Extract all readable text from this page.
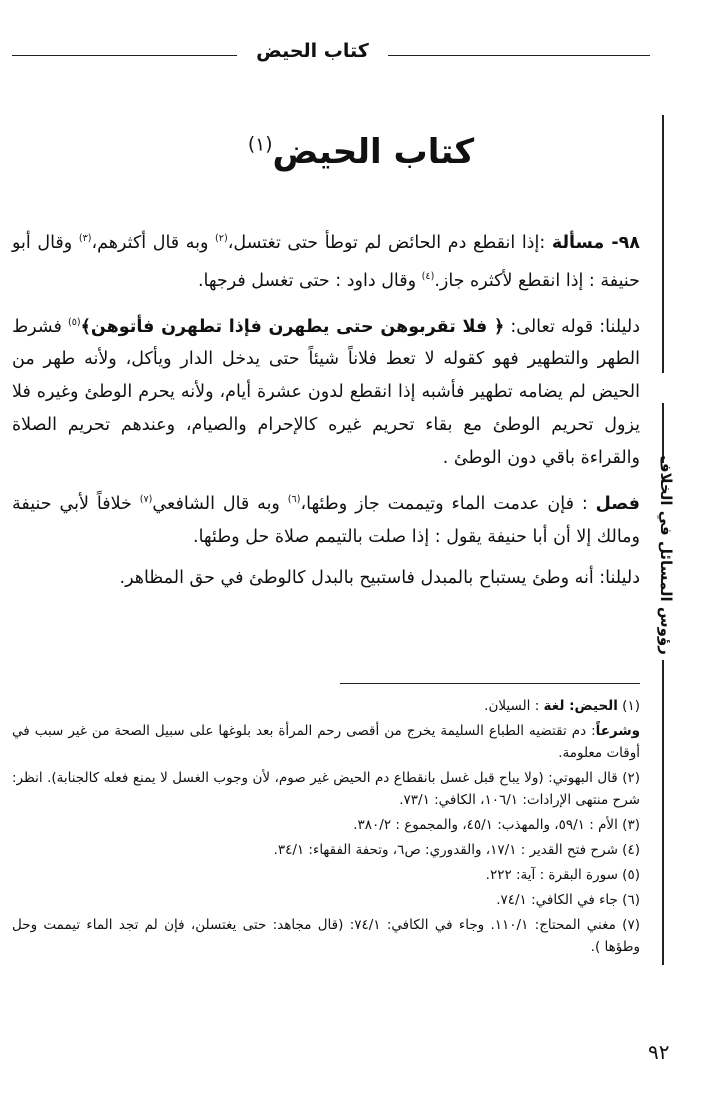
كتاب الحيض
رؤوس المسائل في الخلاف
كتاب الحيض$^{(١)}$

٩٨- مسألة :إذا انقطع دم الحائض لم توطأ حتى تغتسل،$^{(٢)}$ وبه قال أكثرهم،$^{(٣)}$ وقال أبو حنيفة : إذا انقطع لأكثره جاز.$^{(٤)}$ وقال داود : حتى تغسل فرجها.

دليلنا: قوله تعالى: ﴿ فلا تقربوهن حتى يطهرن فإذا تطهرن فأتوهن﴾$^{(٥)}$ فشرط الطهر والتطهير فهو كقوله لا تعط فلاناً شيئاً حتى يدخل الدار ويأكل، ولأنه طهر من الحيض لم يضامه تطهير فأشبه إذا انقطع لدون عشرة أيام، ولأنه يحرم الوطئ وغيره فلا يزول تحريم الوطئ مع بقاء تحريم غيره كالإحرام والصيام، وعندهم تحريم الصلاة والقراءة باقي دون الوطئ .

فصل : فإن عدمت الماء وتيممت جاز وطئها،$^{(٦)}$ وبه قال الشافعي$^{(٧)}$ خلافاً لأبي حنيفة ومالك إلا أن أبا حنيفة يقول : إذا صلت بالتيمم صلاة حل وطئها.

دليلنا: أنه وطئ يستباح بالمبدل فاستبيح بالبدل كالوطئ في حق المظاهر.

(١) الحيض: لغة : السيلان.
وشرعاً: دم تقتضيه الطباع السليمة يخرج من أقصى رحم المرأة بعد بلوغها على سبيل الصحة من غير سبب في أوقات معلومة.
(٢) قال البهوتي: (ولا يباح قبل غسل بانقطاع دم الحيض غير صوم، لأن وجوب الغسل لا يمنع فعله كالجنابة). انظر: شرح منتهى الإرادات: ١٠٦/١، الكافي: ٧٣/١.
(٣) الأم : ٥٩/١، والمهذب: ٤٥/١، والمجموع : ٣٨٠/٢.
(٤) شرح فتح القدير : ١٧/١، والقدوري: ص٦، وتحفة الفقهاء: ٣٤/١.
(٥) سورة البقرة : آية: ٢٢٢.
(٦) جاء في الكافي: ٧٤/١.
(٧) مغني المحتاج: ١١٠/١. وجاء في الكافي: ٧٤/١: (قال مجاهد: حتى يغتسلن، فإن لم تجد الماء تيممت وحل وطؤها ).
٩٢
